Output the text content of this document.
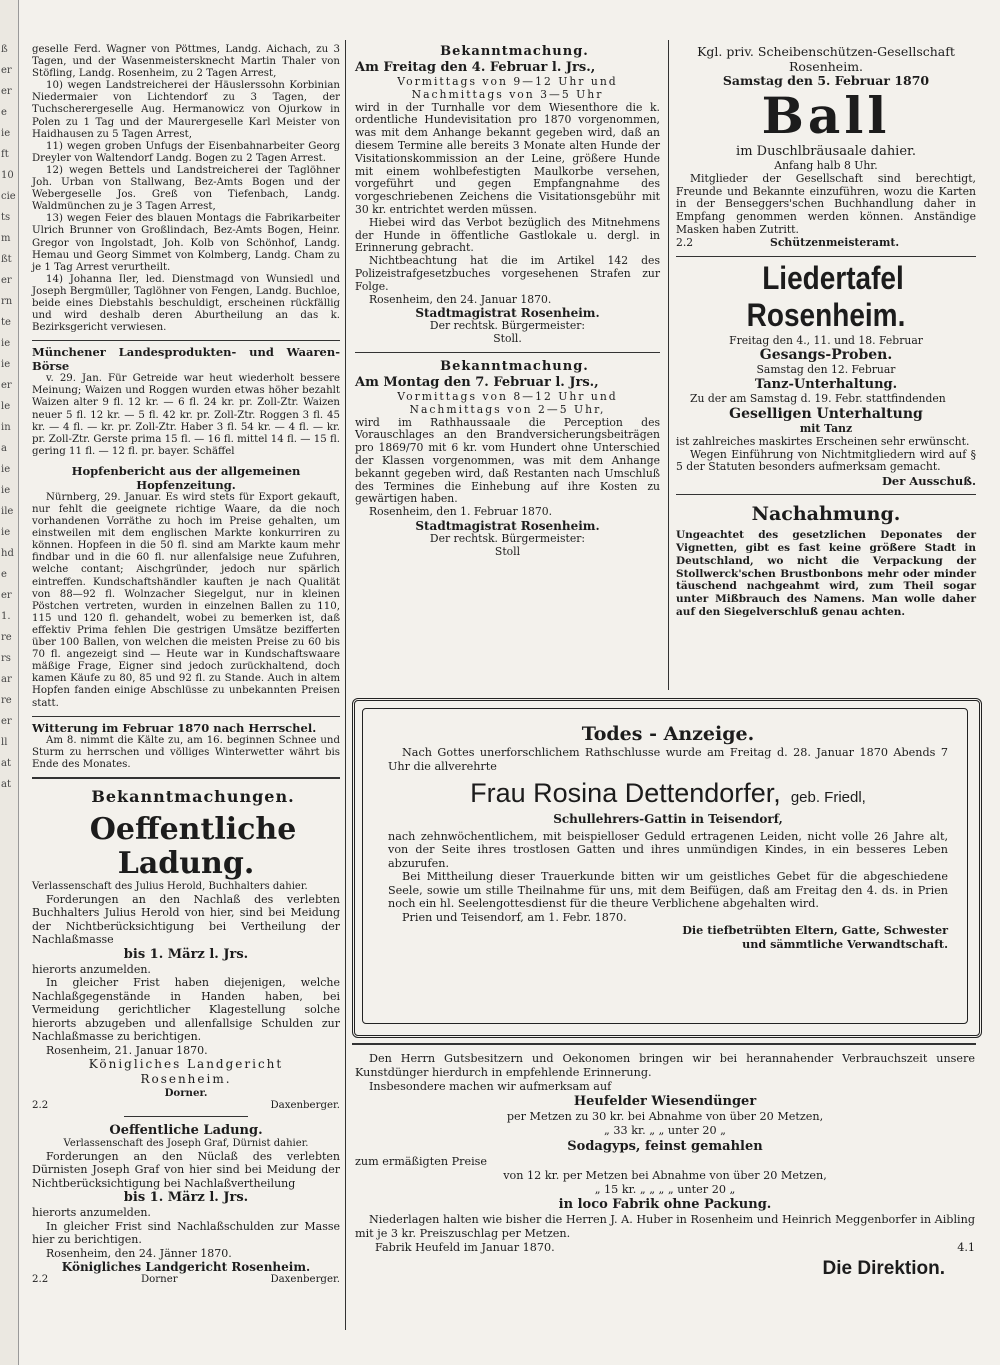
ß
er
er
e
ie
ft
10
cie
ts
m
ßt
er
rn
te
ie
ie
er
le
in
a
ie
ie
ile
ie
hd
e
er
1.
re
rs
ar
re
er
ll
at
at

geselle Ferd. Wagner von Pöttmes, Landg. Aichach, zu 3 Tagen, und der Wasenmeistersknecht Martin Thaler von Stöfling, Landg. Rosenheim, zu 2 Tagen Arrest,

10) wegen Landstreicherei der Häuslerssohn Korbinian Niedermaier von Lichtendorf zu 3 Tagen, der Tuchscherergeselle Aug. Hermanowicz von Ojurkow in Polen zu 1 Tag und der Maurergeselle Karl Meister von Haidhausen zu 5 Tagen Arrest,

11) wegen groben Unfugs der Eisenbahnarbeiter Georg Dreyler von Waltendorf Landg. Bogen zu 2 Tagen Arrest.

12) wegen Bettels und Landstreicherei der Taglöhner Joh. Urban von Stallwang, Bez-Amts Bogen und der Webergeselle Jos. Greß von Tiefenbach, Landg. Waldmünchen zu je 3 Tagen Arrest,

13) wegen Feier des blauen Montags die Fabrikarbeiter Ulrich Brunner von Großlindach, Bez-Amts Bogen, Heinr. Gregor von Ingolstadt, Joh. Kolb von Schönhof, Landg. Hemau und Georg Simmet von Kolmberg, Landg. Cham zu je 1 Tag Arrest verurtheilt.

14) Johanna Iler, led. Dienstmagd von Wunsiedl und Joseph Bergmüller, Taglöhner von Fengen, Landg. Buchloe, beide eines Diebstahls beschuldigt, erscheinen rückfällig und wird deshalb deren Aburtheilung an das k. Bezirksgericht verwiesen.

Münchener Landesprodukten- und Waaren-Börse

v. 29. Jan. Für Getreide war heut wiederholt bessere Meinung; Waizen und Roggen wurden etwas höher bezahlt Waizen alter 9 fl. 12 kr. — 6 fl. 24 kr. pr. Zoll-Ztr. Waizen neuer 5 fl. 12 kr. — 5 fl. 42 kr. pr. Zoll-Ztr. Roggen 3 fl. 45 kr. — 4 fl. — kr. pr. Zoll-Ztr. Haber 3 fl. 54 kr. — 4 fl. — kr. pr. Zoll-Ztr. Gerste prima 15 fl. — 16 fl. mittel 14 fl. — 15 fl. gering 11 fl. — 12 fl. pr. bayer. Schäffel

Hopfenbericht aus der allgemeinen Hopfenzeitung.

Nürnberg, 29. Januar. Es wird stets für Export gekauft, nur fehlt die geeignete richtige Waare, da die noch vorhandenen Vorräthe zu hoch im Preise gehalten, um einstweilen mit dem englischen Markte konkurriren zu können. Hopfeen in die 50 fl. sind am Markte kaum mehr findbar und in die 60 fl. nur allenfalsige neue Zufuhren, welche contant; Aischgründer, jedoch nur spärlich eintreffen. Kundschaftshändler kauften je nach Qualität von 88—92 fl. Wolnzacher Siegelgut, nur in kleinen Pöstchen vertreten, wurden in einzelnen Ballen zu 110, 115 und 120 fl. gehandelt, wobei zu bemerken ist, daß effektiv Prima fehlen Die gestrigen Umsätze bezifferten über 100 Ballen, von welchen die meisten Preise zu 60 bis 70 fl. angezeigt sind — Heute war in Kundschaftswaare mäßige Frage, Eigner sind jedoch zurückhaltend, doch kamen Käufe zu 80, 85 und 92 fl. zu Stande. Auch in altem Hopfen fanden einige Abschlüsse zu unbekannten Preisen statt.

Witterung im Februar 1870 nach Herrschel.

Am 8. nimmt die Kälte zu, am 16. beginnen Schnee und Sturm zu herrschen und völliges Winterwetter währt bis Ende des Monates.

Bekanntmachungen.

Oeffentliche Ladung.

Verlassenschaft des Julius Herold, Buchhalters dahier.

Forderungen an den Nachlaß des verlebten Buchhalters Julius Herold von hier, sind bei Meidung der Nichtberücksichtigung bei Vertheilung der Nachlaßmasse

bis 1. März l. Jrs.

hierorts anzumelden.

In gleicher Frist haben diejenigen, welche Nachlaßgegenstände in Handen haben, bei Vermeidung gerichtlicher Klagestellung solche hierorts abzugeben und allenfallsige Schulden zur Nachlaßmasse zu berichtigen.

Rosenheim, 21. Januar 1870.

Königliches Landgericht

Rosenheim.

Dorner.

2.2	Daxenberger.

Oeffentliche Ladung.

Verlassenschaft des Joseph Graf, Dürnist dahier.

Forderungen an den Nüclaß des verlebten Dürnisten Joseph Graf von hier sind bei Meidung der Nichtberücksichtigung bei Nachlaßvertheilung

bis 1. März l. Jrs.

hierorts anzumelden.

In gleicher Frist sind Nachlaßschulden zur Masse hier zu berichtigen.

Rosenheim, den 24. Jänner 1870.

Königliches Landgericht Rosenheim.

2.2	Dorner	Daxenberger.

Bekanntmachung.

Am Freitag den 4. Februar l. Jrs.,

Vormittags von 9—12 Uhr und Nachmittags von 3—5 Uhr

wird in der Turnhalle vor dem Wiesenthore die k. ordentliche Hundevisitation pro 1870 vorgenommen, was mit dem Anhange bekannt gegeben wird, daß an diesem Termine alle bereits 3 Monate alten Hunde der Visitationskommission an der Leine, größere Hunde mit einem wohlbefestigten Maulkorbe versehen, vorgeführt und gegen Empfangnahme des vorgeschriebenen Zeichens die Visitationsgebühr mit 30 kr. entrichtet werden müssen.

Hiebei wird das Verbot bezüglich des Mitnehmens der Hunde in öffentliche Gastlokale u. dergl. in Erinnerung gebracht.

Nichtbeachtung hat die im Artikel 142 des Polizeistrafgesetzbuches vorgesehenen Strafen zur Folge.

Rosenheim, den 24. Januar 1870.

Stadtmagistrat Rosenheim.

Der rechtsk. Bürgermeister:

Stoll.

Bekanntmachung.

Am Montag den 7. Februar l. Jrs.,

Vormittags von 8—12 Uhr und Nachmittags von 2—5 Uhr,

wird im Rathhaussaale die Perception des Vorauschlages an den Brandversicherungsbeiträgen pro 1869/70 mit 6 kr. vom Hundert ohne Unterschied der Klassen vorgenommen, was mit dem Anhange bekannt gegeben wird, daß Restanten nach Umschluß des Termines die Einhebung auf ihre Kosten zu gewärtigen haben.

Rosenheim, den 1. Februar 1870.

Stadtmagistrat Rosenheim.

Der rechtsk. Bürgermeister:

Stoll

Kgl. priv. Scheibenschützen-Gesellschaft Rosenheim.

Samstag den 5. Februar 1870

Ball

im Duschlbräusaale dahier.

Anfang halb 8 Uhr.

Mitglieder der Gesellschaft sind berechtigt, Freunde und Bekannte einzuführen, wozu die Karten in der Benseggers'schen Buchhandlung daher in Empfang genommen werden können. Anständige Masken haben Zutritt.

2.2	Schützenmeisteramt.

Liedertafel Rosenheim.

Freitag den 4., 11. und 18. Februar

Gesangs-Proben.

Samstag den 12. Februar

Tanz-Unterhaltung.

Zu der am Samstag d. 19. Febr. stattfindenden

Geselligen Unterhaltung

mit Tanz

ist zahlreiches maskirtes Erscheinen sehr erwünscht.

Wegen Einführung von Nichtmitgliedern wird auf § 5 der Statuten besonders aufmerksam gemacht.

Der Ausschuß.

Nachahmung.

Ungeachtet des gesetzlichen Deponates der Vignetten, gibt es fast keine größere Stadt in Deutschland, wo nicht die Verpackung der Stollwerck'schen Brustbonbons mehr oder minder täuschend nachgeahmt wird, zum Theil sogar unter Mißbrauch des Namens. Man wolle daher auf den Siegelverschluß genau achten.

Todes - Anzeige.

Nach Gottes unerforschlichem Rathschlusse wurde am Freitag d. 28. Januar 1870 Abends 7 Uhr die allverehrte

Frau Rosina Dettendorfer, geb. Friedl,

Schullehrers-Gattin in Teisendorf,

nach zehnwöchentlichem, mit beispielloser Geduld ertragenen Leiden, nicht volle 26 Jahre alt, von der Seite ihres trostlosen Gatten und ihres unmündigen Kindes, in ein besseres Leben abzurufen.

Bei Mittheilung dieser Trauerkunde bitten wir um geistliches Gebet für die abgeschiedene Seele, sowie um stille Theilnahme für uns, mit dem Beifügen, daß am Freitag den 4. ds. in Prien noch ein hl. Seelengottesdienst für die theure Verblichene abgehalten wird.

Prien und Teisendorf, am 1. Febr. 1870.

Die tiefbetrübten Eltern, Gatte, Schwester

und sämmtliche Verwandtschaft.

Den Herrn Gutsbesitzern und Oekonomen bringen wir bei herannahender Verbrauchszeit unsere Kunstdünger hierdurch in empfehlende Erinnerung.

Insbesondere machen wir aufmerksam auf

Heufelder Wiesendünger

per Metzen zu 30 kr. bei Abnahme von über 20 Metzen,

„ 33 kr. „ „ unter 20 „

Sodagyps, feinst gemahlen

zum ermäßigten Preise

von 12 kr. per Metzen bei Abnahme von über 20 Metzen,

„ 15 kr. „ „ „ „ unter 20 „

in loco Fabrik ohne Packung.

Niederlagen halten wie bisher die Herren J. A. Huber in Rosenheim und Heinrich Meggenborfer in Aibling mit je 3 kr. Preiszuschlag per Metzen.

Fabrik Heufeld im Januar 1870.	4.1

Die Direktion.
